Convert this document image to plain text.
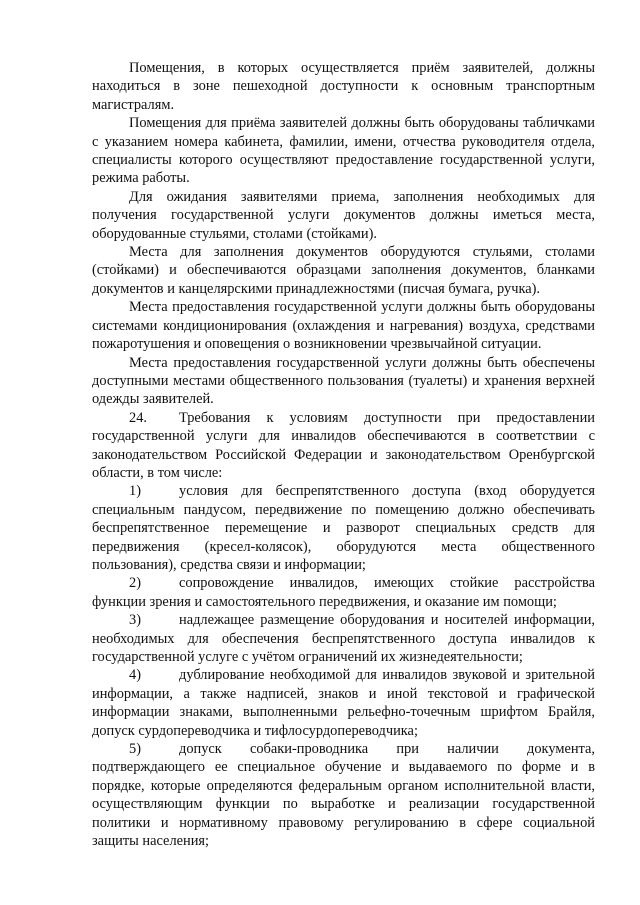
Помещения, в которых осуществляется приём заявителей, должны находиться в зоне пешеходной доступности к основным транспортным магистралям.

Помещения для приёма заявителей должны быть оборудованы табличками с указанием номера кабинета, фамилии, имени, отчества руководителя отдела, специалисты которого осуществляют предоставление государственной услуги, режима работы.

Для ожидания заявителями приема, заполнения необходимых для получения государственной услуги документов должны иметься места, оборудованные стульями, столами (стойками).

Места для заполнения документов оборудуются стульями, столами (стойками) и обеспечиваются образцами заполнения документов, бланками документов и канцелярскими принадлежностями (писчая бумага, ручка).

Места предоставления государственной услуги должны быть оборудованы системами кондиционирования (охлаждения и нагревания) воздуха, средствами пожаротушения и оповещения о возникновении чрезвычайной ситуации.

Места предоставления государственной услуги должны быть обеспечены доступными местами общественного пользования (туалеты) и хранения верхней одежды заявителей.

24. Требования к условиям доступности при предоставлении государственной услуги для инвалидов обеспечиваются в соответствии с законодательством Российской Федерации и законодательством Оренбургской области, в том числе:

1)	условия для беспрепятственного доступа (вход оборудуется специальным пандусом, передвижение по помещению должно обеспечивать беспрепятственное перемещение и разворот специальных средств для передвижения (кресел-колясок), оборудуются места общественного пользования), средства связи и информации;

2)	сопровождение инвалидов, имеющих стойкие расстройства функции зрения и самостоятельного передвижения, и оказание им помощи;

3)	надлежащее размещение оборудования и носителей информации, необходимых для обеспечения беспрепятственного доступа инвалидов к государственной услуге с учётом ограничений их жизнедеятельности;

4)	дублирование необходимой для инвалидов звуковой и зрительной информации, а также надписей, знаков и иной текстовой и графической информации знаками, выполненными рельефно-точечным шрифтом Брайля, допуск сурдопереводчика и тифлосурдопереводчика;

5)	допуск собаки-проводника при наличии документа, подтверждающего ее специальное обучение и выдаваемого по форме и в порядке, которые определяются федеральным органом исполнительной власти, осуществляющим функции по выработке и реализации государственной политики и нормативному правовому регулированию в сфере социальной защиты населения;
